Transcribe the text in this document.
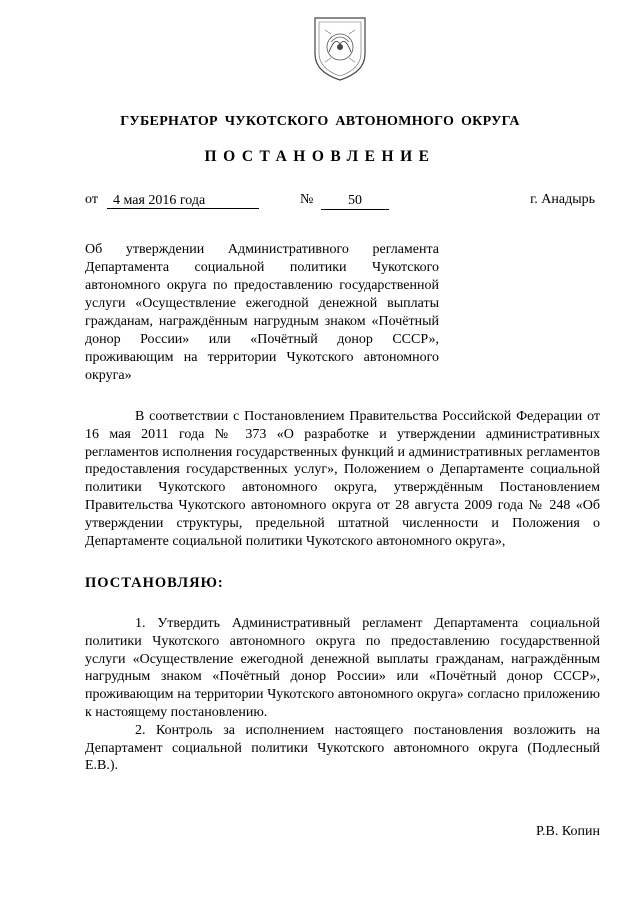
ГУБЕРНАТОР ЧУКОТСКОГО АВТОНОМНОГО ОКРУГА
ПОСТАНОВЛЕНИЕ
от	4 мая 2016 года	№	50	г. Анадырь

Об утверждении Административного регламента Департамента социальной политики Чукотского автономного округа по предоставлению государственной услуги «Осуществление ежегодной денежной выплаты гражданам, награждённым нагрудным знаком «Почётный донор России» или «Почётный донор СССР», проживающим на территории Чукотского автономного округа»

В соответствии с Постановлением Правительства Российской Федерации от 16 мая 2011 года № 373 «О разработке и утверждении административных регламентов исполнения государственных функций и административных регламентов предоставления государственных услуг», Положением о Департаменте социальной политики Чукотского автономного округа, утверждённым Постановлением Правительства Чукотского автономного округа от 28 августа 2009 года № 248 «Об утверждении структуры, предельной штатной численности и Положения о Департаменте социальной политики Чукотского автономного округа»,

ПОСТАНОВЛЯЮ:

1. Утвердить Административный регламент Департамента социальной политики Чукотского автономного округа по предоставлению государственной услуги «Осуществление ежегодной денежной выплаты гражданам, награждённым нагрудным знаком «Почётный донор России» или «Почётный донор СССР», проживающим на территории Чукотского автономного округа» согласно приложению к настоящему постановлению.

2. Контроль за исполнением настоящего постановления возложить на Департамент социальной политики Чукотского автономного округа (Подлесный Е.В.).

Р.В. Копин
